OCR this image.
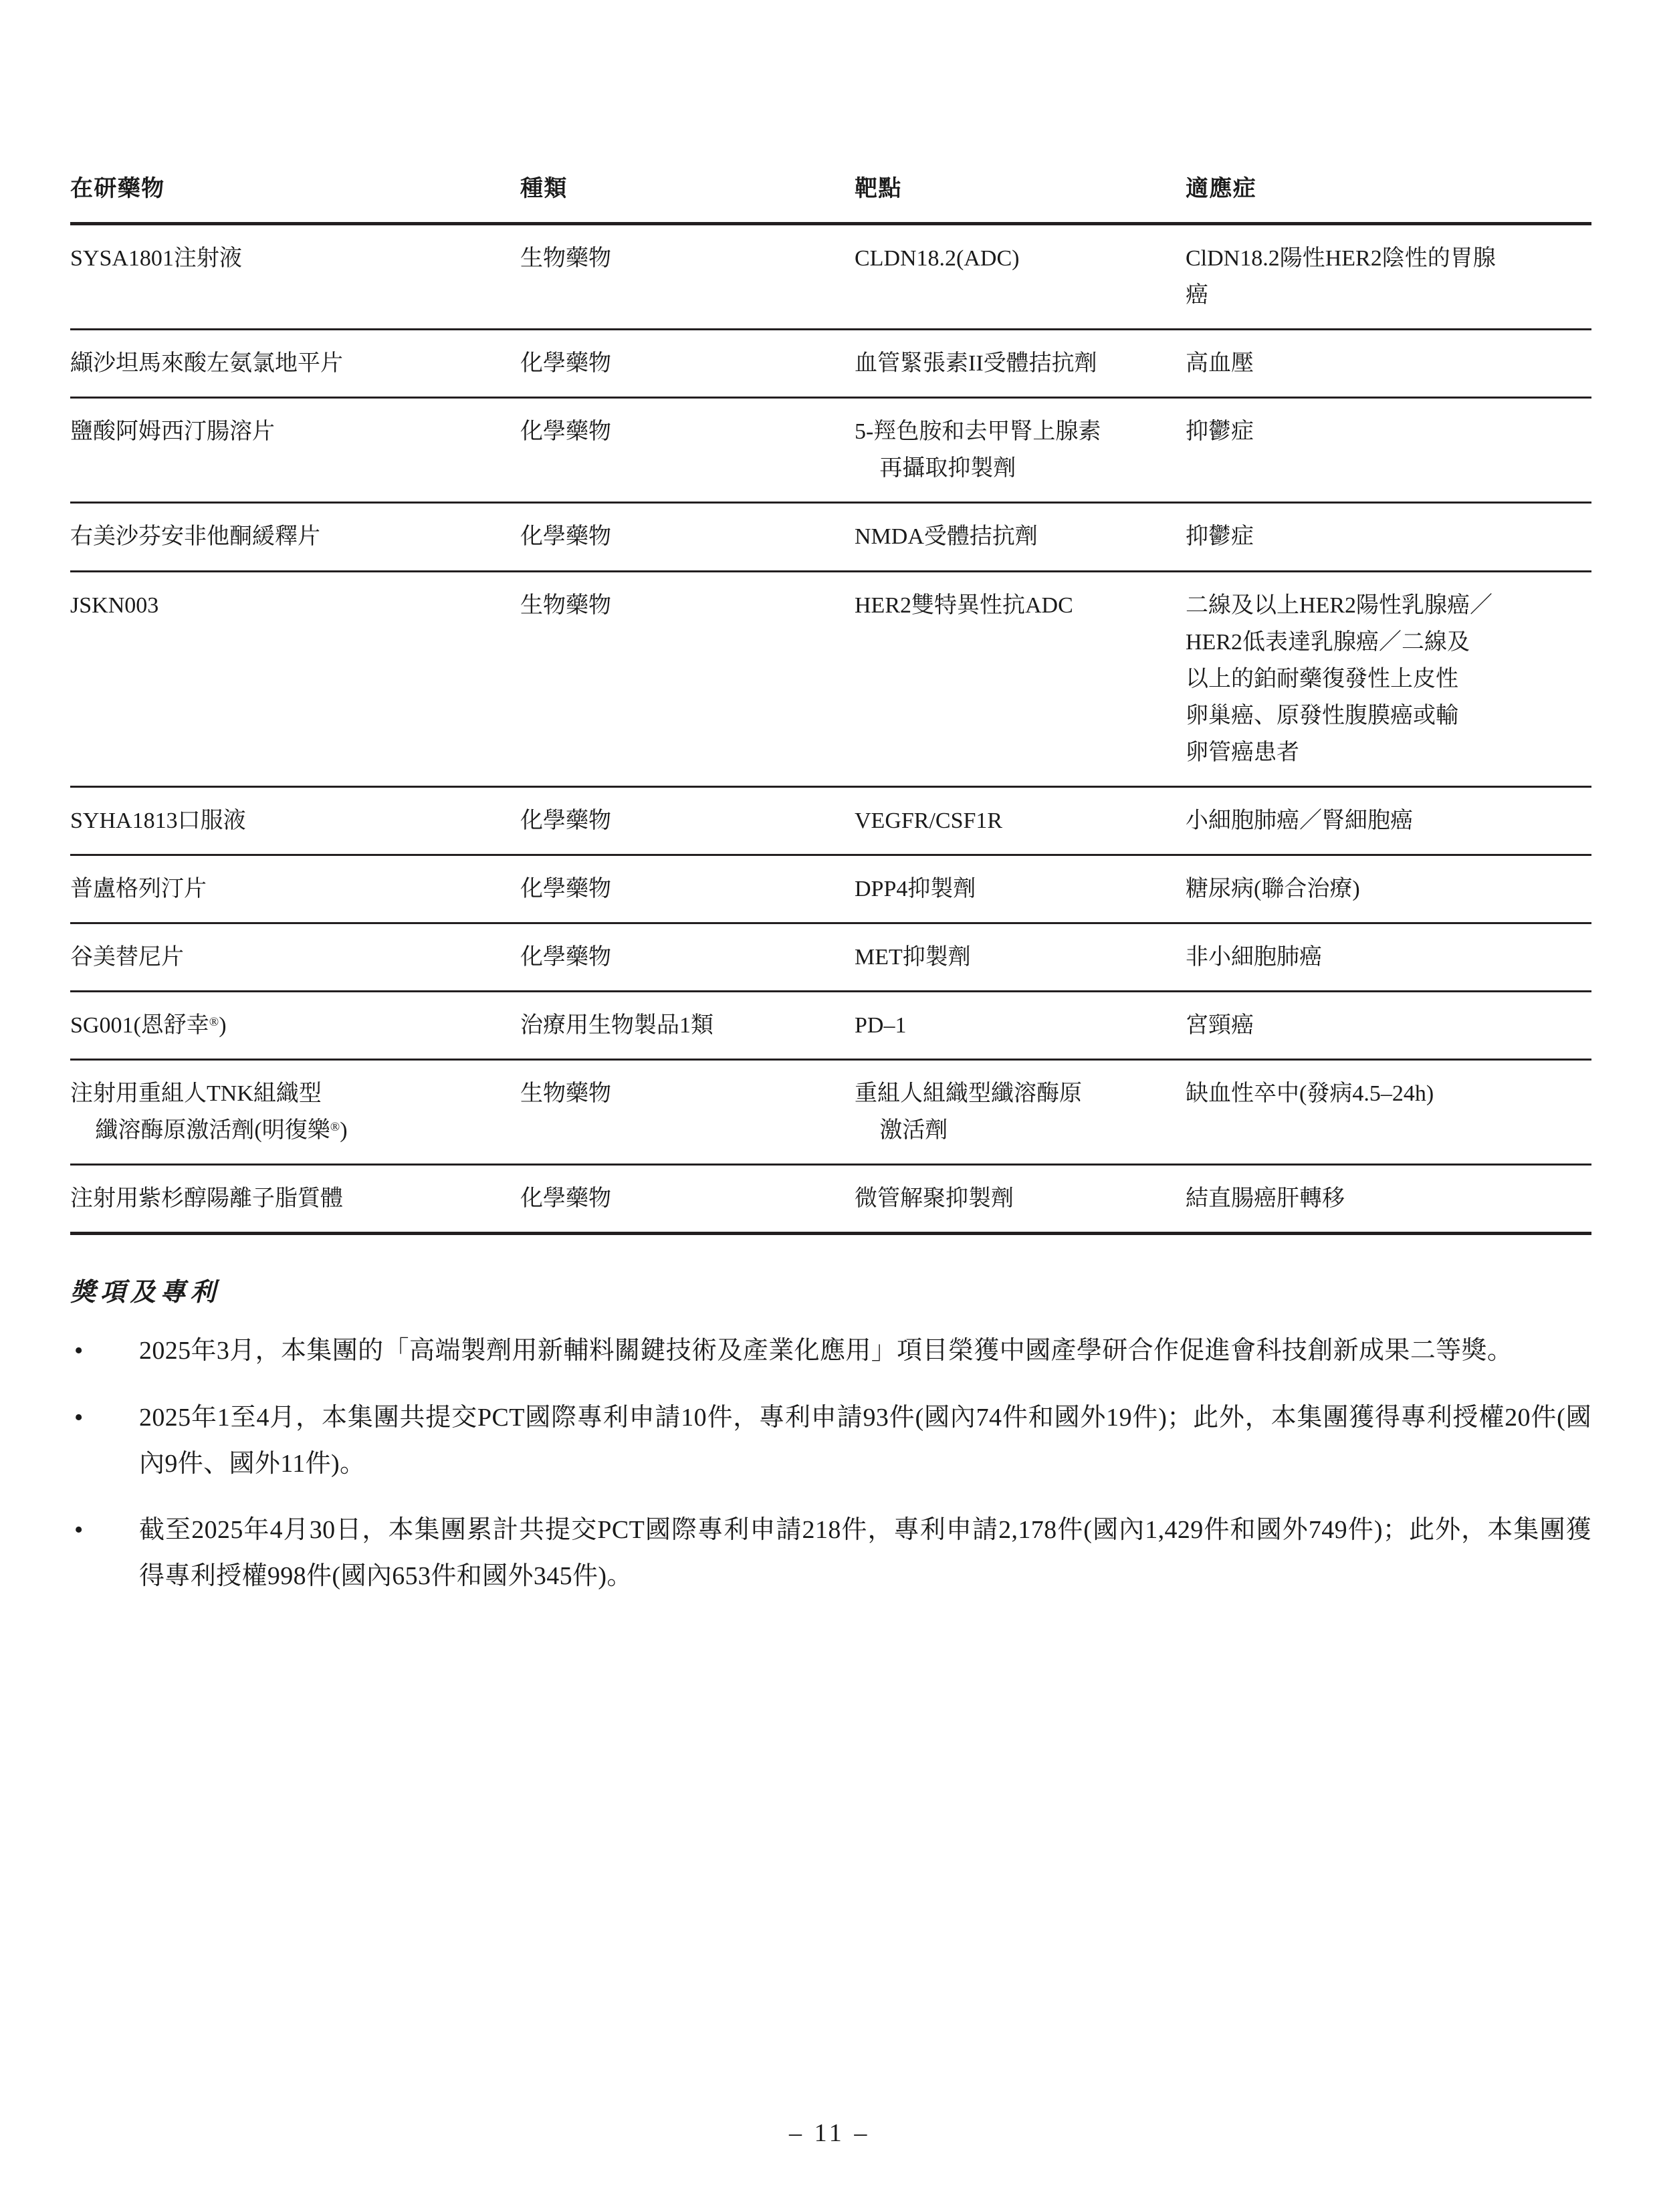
在研藥物	種類	靶點	適應症

SYSA1801注射液	生物藥物	CLDN18.2(ADC)	ClDN18.2陽性HER2陰性的胃腺
癌

纈沙坦馬來酸左氨氯地平片	化學藥物	血管緊張素II受體拮抗劑	高血壓

鹽酸阿姆西汀腸溶片	化學藥物	5-羥色胺和去甲腎上腺素
再攝取抑製劑	抑鬱症

右美沙芬安非他酮緩釋片	化學藥物	NMDA受體拮抗劑	抑鬱症

JSKN003	生物藥物	HER2雙特異性抗ADC	二線及以上HER2陽性乳腺癌／
HER2低表達乳腺癌／二線及
以上的鉑耐藥復發性上皮性
卵巢癌、原發性腹膜癌或輸
卵管癌患者

SYHA1813口服液	化學藥物	VEGFR/CSF1R	小細胞肺癌／腎細胞癌

普盧格列汀片	化學藥物	DPP4抑製劑	糖尿病(聯合治療)

谷美替尼片	化學藥物	MET抑製劑	非小細胞肺癌

SG001(恩舒幸®)	治療用生物製品1類	PD–1	宮頸癌

注射用重組人TNK組織型
纖溶酶原激活劑(明復樂®)	生物藥物	重組人組織型纖溶酶原
激活劑	缺血性卒中(發病4.5–24h)

注射用紫杉醇陽離子脂質體	化學藥物	微管解聚抑製劑	結直腸癌肝轉移
獎項及專利
• 2025年3月，本集團的「高端製劑用新輔料關鍵技術及產業化應用」項目榮獲中國產學研合作促進會科技創新成果二等獎。

• 2025年1至4月，本集團共提交PCT國際專利申請10件，專利申請93件(國內74件和國外19件)；此外，本集團獲得專利授權20件(國內9件、國外11件)。

• 截至2025年4月30日，本集團累計共提交PCT國際專利申請218件，專利申請2,178件(國內1,429件和國外749件)；此外，本集團獲得專利授權998件(國內653件和國外345件)。

– 11 –
